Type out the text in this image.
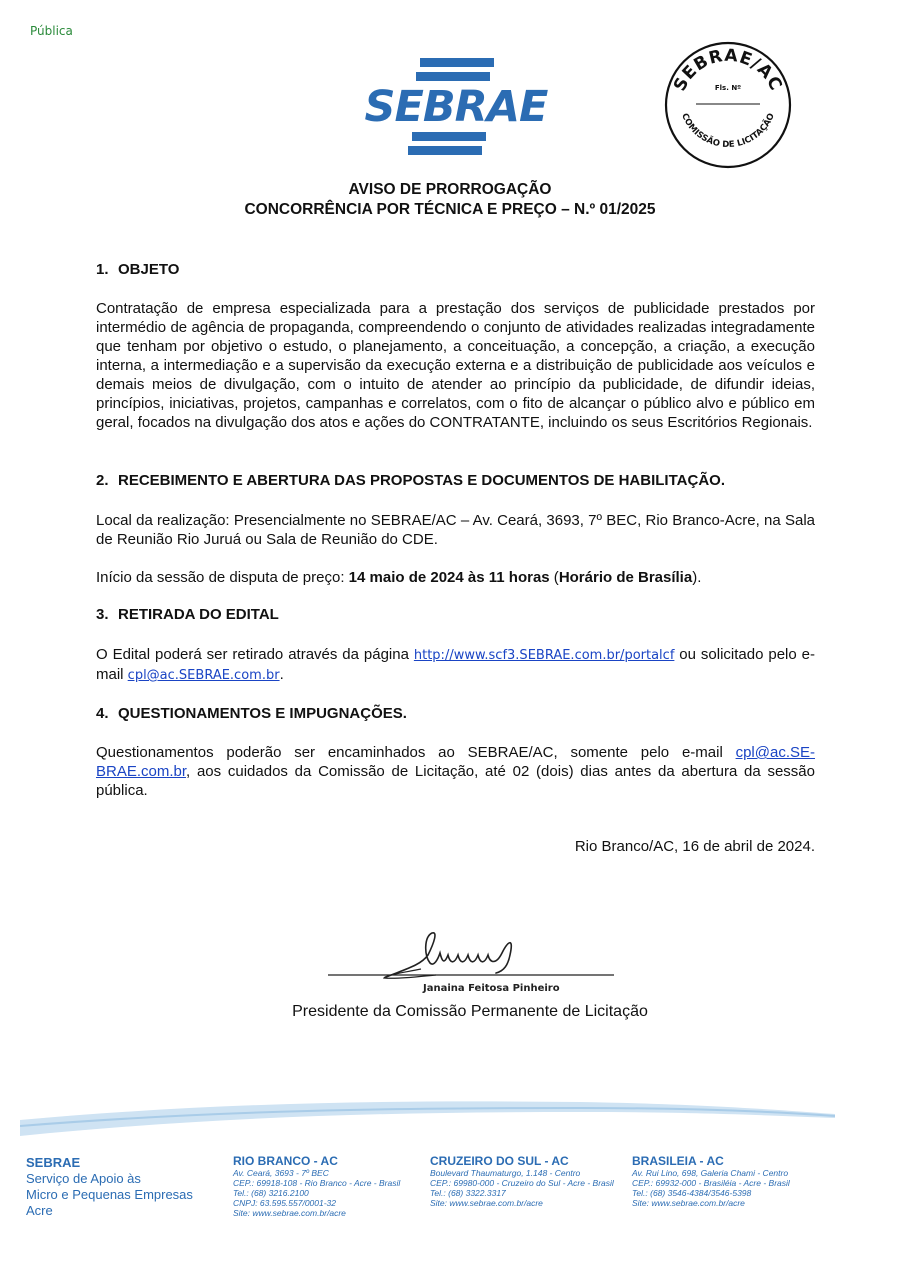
Pública
SEBRAE	SEBRAE/AC
Fls. Nº
COMISSÃO DE LICITAÇÃO
AVISO DE PRORROGAÇÃO
CONCORRÊNCIA POR TÉCNICA E PREÇO – N.º 01/2025
1. OBJETO
Contratação de empresa especializada para a prestação dos serviços de publicidade prestados por intermédio de agência de propaganda, compreendendo o conjunto de atividades realizadas integradamente que tenham por objetivo o estudo, o planejamento, a conceituação, a concepção, a criação, a execução interna, a intermediação e a supervisão da execução externa e a distribuição de publicidade aos veículos e demais meios de divulgação, com o intuito de atender ao princípio da publicidade, de difundir ideias, princípios, iniciativas, projetos, campanhas e correlatos, com o fito de alcançar o público alvo e público em geral, focados na divulgação dos atos e ações do CONTRATANTE, incluindo os seus Escritórios Regionais.
2. RECEBIMENTO E ABERTURA DAS PROPOSTAS E DOCUMENTOS DE HABILITAÇÃO.
Local da realização: Presencialmente no SEBRAE/AC – Av. Ceará, 3693, 7º BEC, Rio Branco-Acre, na Sala de Reunião Rio Juruá ou Sala de Reunião do CDE.
Início da sessão de disputa de preço: 14 maio de 2024 às 11 horas (Horário de Brasília).
3. RETIRADA DO EDITAL
O Edital poderá ser retirado através da página http://www.scf3.SEBRAE.com.br/portalcf ou solicitado pelo e-mail cpl@ac.SEBRAE.com.br.
4. QUESTIONAMENTOS E IMPUGNAÇÕES.
Questionamentos poderão ser encaminhados ao SEBRAE/AC, somente pelo e-mail cpl@ac.SE-BRAE.com.br, aos cuidados da Comissão de Licitação, até 02 (dois) dias antes da abertura da sessão pública.
Rio Branco/AC, 16 de abril de 2024.
Janaina Feitosa Pinheiro
Presidente da Comissão Permanente de Licitação
SEBRAE
Serviço de Apoio às
Micro e Pequenas Empresas
Acre
RIO BRANCO - AC
Av. Ceará, 3693 - 7º BEC
CEP.: 69918-108 - Rio Branco - Acre - Brasil
Tel.: (68) 3216.2100
CNPJ: 63.595.557/0001-32
Site: www.sebrae.com.br/acre
CRUZEIRO DO SUL - AC
Boulevard Thaumaturgo, 1.148 - Centro
CEP.: 69980-000 - Cruzeiro do Sul - Acre - Brasil
Tel.: (68) 3322.3317
Site: www.sebrae.com.br/acre
BRASILEIA - AC
Av. Rui Lino, 698, Galeria Chami - Centro
CEP.: 69932-000 - Brasiléia - Acre - Brasil
Tel.: (68) 3546-4384/3546-5398
Site: www.sebrae.com.br/acre
